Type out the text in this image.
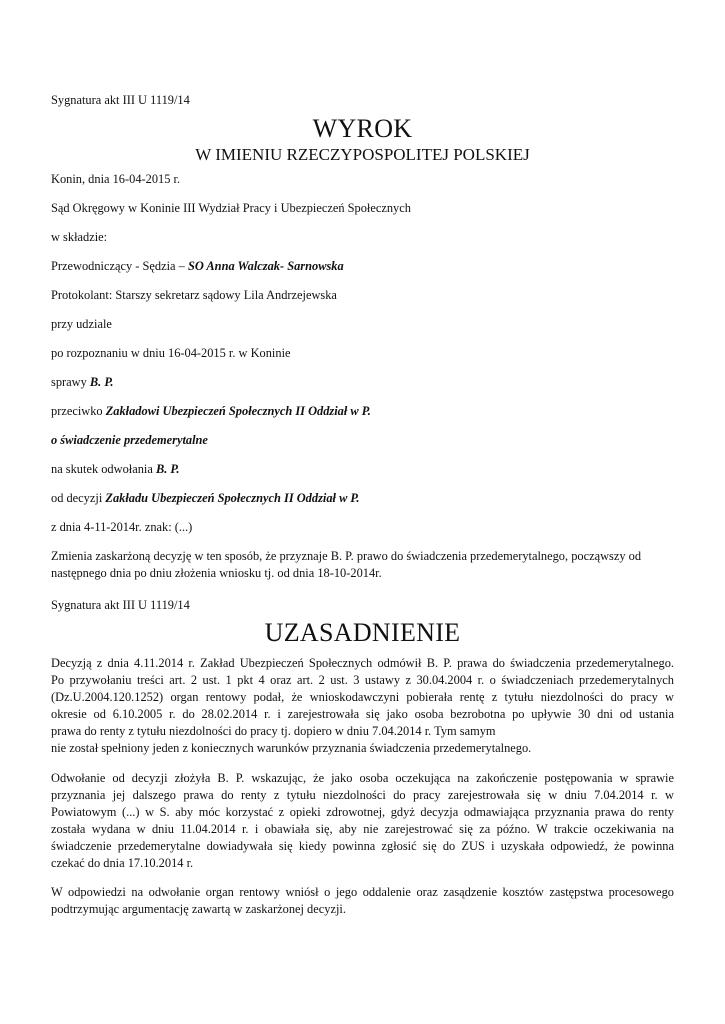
Sygnatura akt III U 1119/14

WYROK
W IMIENIU RZECZYPOSPOLITEJ POLSKIEJ

Konin, dnia 16-04-2015 r.

Sąd Okręgowy w Koninie III Wydział Pracy i Ubezpieczeń Społecznych

w składzie:

Przewodniczący - Sędzia – SO Anna Walczak- Sarnowska

Protokolant: Starszy sekretarz sądowy Lila Andrzejewska

przy udziale

po rozpoznaniu w dniu 16-04-2015 r. w Koninie

sprawy B. P.

przeciwko Zakładowi Ubezpieczeń Społecznych II Oddział w P.

o świadczenie przedemerytalne

na skutek odwołania B. P.

od decyzji Zakładu Ubezpieczeń Społecznych II Oddział w P.

z dnia 4-11-2014r. znak: (...)

Zmienia zaskarżoną decyzję w ten sposób, że przyznaje B. P. prawo do świadczenia przedemerytalnego, począwszy od
następnego dnia po dniu złożenia wniosku tj. od dnia 18-10-2014r.

Sygnatura akt III U 1119/14

UZASADNIENIE
Decyzją z dnia 4.11.2014 r. Zakład Ubezpieczeń Społecznych odmówił B. P. prawa do świadczenia przedemerytalnego.
Po przywołaniu treści art. 2 ust. 1 pkt 4 oraz art. 2 ust. 3 ustawy z 30.04.2004 r. o świadczeniach przedemerytalnych
(Dz.U.2004.120.1252) organ rentowy podał, że wnioskodawczyni pobierała rentę z tytułu niezdolności do pracy w
okresie od 6.10.2005 r. do 28.02.2014 r. i zarejestrowała się jako osoba bezrobotna po upływie 30 dni od ustania
prawa do renty z tytułu niezdolności do pracy tj. dopiero w dniu 7.04.2014 r. Tym samym
nie został spełniony jeden z koniecznych warunków przyznania świadczenia przedemerytalnego.
Odwołanie od decyzji złożyła B. P. wskazując, że jako osoba oczekująca na zakończenie postępowania w sprawie
przyznania jej dalszego prawa do renty z tytułu niezdolności do pracy zarejestrowała się w dniu 7.04.2014 r. w
Powiatowym (...) w S. aby móc korzystać z opieki zdrowotnej, gdyż decyzja odmawiająca przyznania prawa do renty
została wydana w dniu 11.04.2014 r. i obawiała się, aby nie zarejestrować się za późno. W trakcie oczekiwania na
świadczenie przedemerytalne dowiadywała się kiedy powinna zgłosić się do ZUS i uzyskała odpowiedź, że powinna
czekać do dnia 17.10.2014 r.
W odpowiedzi na odwołanie organ rentowy wniósł o jego oddalenie oraz zasądzenie kosztów zastępstwa procesowego
podtrzymując argumentację zawartą w zaskarżonej decyzji.
